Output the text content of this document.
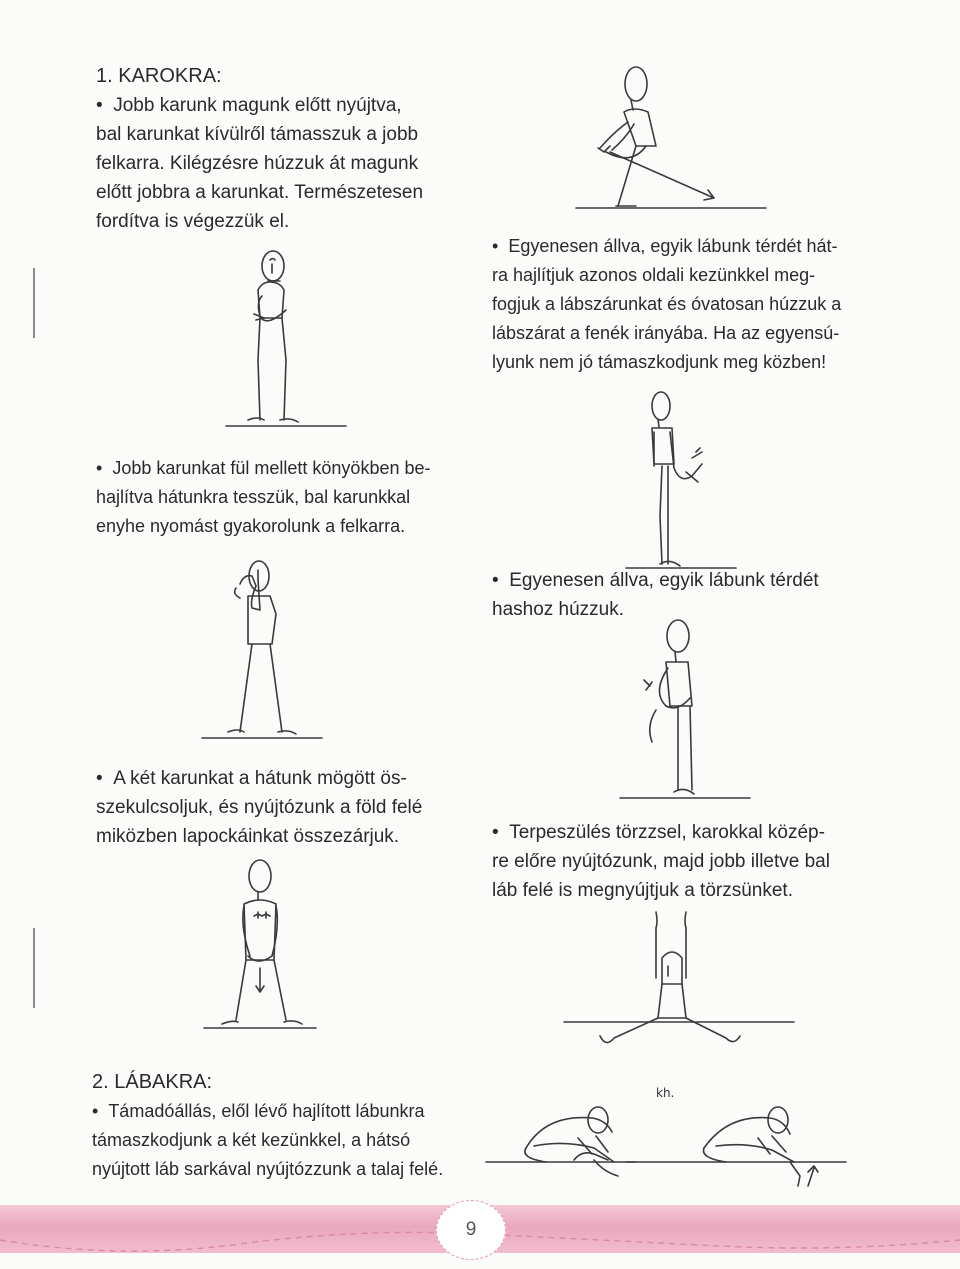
1. KAROKRA:
•  Jobb karunk magunk előtt nyújtva,
bal karunkat kívülről támasszuk a jobb
felkarra. Kilégzésre húzzuk át magunk
előtt jobbra a karunkat. Természetesen
fordítva is végezzük el.
•  Egyenesen állva, egyik lábunk térdét hát-
ra hajlítjuk azonos oldali kezünkkel meg-
fogjuk a lábszárunkat és óvatosan húzzuk a
lábszárat a fenék irányába. Ha az egyensú-
lyunk nem jó támaszkodjunk meg közben!
•  Jobb karunkat fül mellett könyökben be-
hajlítva hátunkra tesszük, bal karunkkal
enyhe nyomást gyakorolunk a felkarra.
•  Egyenesen állva, egyik lábunk térdét
hashoz húzzuk.
•  A két karunkat a hátunk mögött ös-
szekulcsoljuk, és nyújtózunk a föld felé
miközben lapockáinkat összezárjuk.
•	Terpeszülés törzzsel, karokkal közép-
re előre nyújtózunk, majd jobb illetve bal
láb felé is megnyújtjuk a törzsünket.
2. LÁBAKRA:
•  Támadóállás, elől lévő hajlított lábunkra
támaszkodjunk a két kezünkkel, a hátsó
nyújtott láb sarkával nyújtózzunk a talaj felé.
kh.
9
